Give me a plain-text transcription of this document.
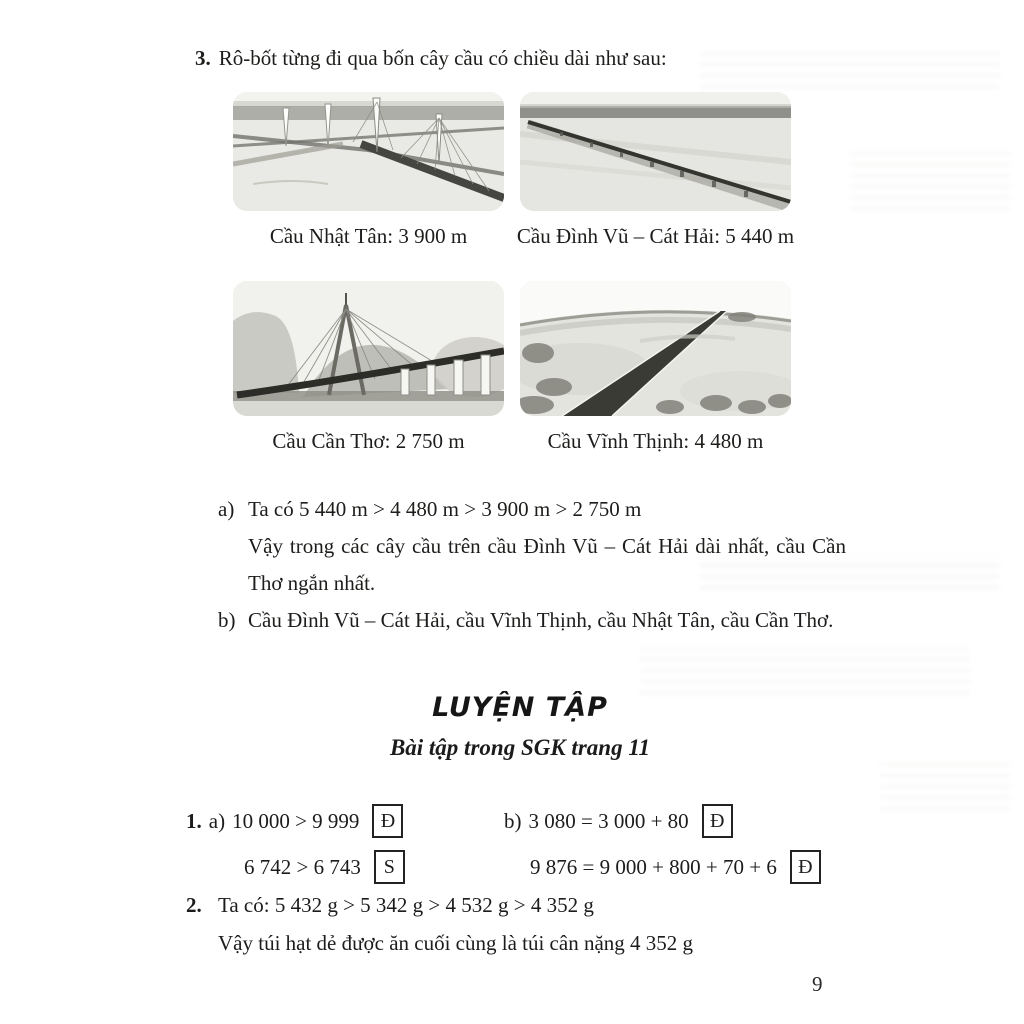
3. Rô-bốt từng đi qua bốn cây cầu có chiều dài như sau:
Cầu Nhật Tân: 3 900 m Cầu Đình Vũ – Cát Hải: 5 440 m
Cầu Cần Thơ: 2 750 m	Cầu Vĩnh Thịnh: 4 480 m
a) Ta có 5 440 m > 4 480 m > 3 900 m > 2 750 m
Vậy trong các cây cầu trên cầu Đình Vũ – Cát Hải dài nhất, cầu Cần Thơ ngắn nhất.
b) Cầu Đình Vũ – Cát Hải, cầu Vĩnh Thịnh, cầu Nhật Tân, cầu Cần Thơ.
LUYỆN TẬP
Bài tập trong SGK trang 11
1. a) 10 000 > 9 999	Đ	b) 3 080 = 3 000 + 80	Đ
6 742 > 6 743	S	9 876 = 9 000 + 800 + 70 + 6	Đ
2. Ta có: 5 432 g > 5 342 g > 4 532 g > 4 352 g
Vậy túi hạt dẻ được ăn cuối cùng là túi cân nặng 4 352 g
9
